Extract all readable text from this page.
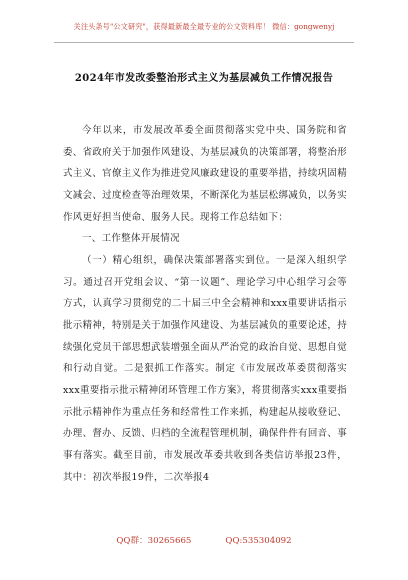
关注头条号"公文研究"，获得最新最全最专业的公文资料库！ 微信：gongwenyj
2024年市发改委整治形式主义为基层减负工作情况报告

今年以来，市发展改革委全面贯彻落实党中央、国务院和省委、省政府关于加强作风建设、为基层减负的决策部署，将整治形式主义、官僚主义作为推进党风廉政建设的重要举措，持续巩固精文减会、过度检查等治理效果，不断深化为基层松绑减负，以务实作风更好担当使命、服务人民。现将工作总结如下：

一、工作整体开展情况

（一）精心组织，确保决策部署落实到位。一是深入组织学习。通过召开党组会议、“第一议题”、理论学习中心组学习会等方式，认真学习贯彻党的二十届三中全会精神和xxx重要讲话指示批示精神，特别是关于加强作风建设、为基层减负的重要论述，持续强化党员干部思想武装增强全面从严治党的政治自觉、思想自觉和行动自觉。二是狠抓工作落实。制定《市发展改革委贯彻落实xxx重要指示批示精神闭环管理工作方案》，将贯彻落实xxx重要指示批示精神作为重点任务和经常性工作来抓，构建起从接收登记、办理、督办、反馈、归档的全流程管理机制，确保件件有回音、事事有落实。截至目前，市发展改革委共收到各类信访举报23件，其中：初次举报19件，二次举报4

QQ群：30265665	QQ:535304092
